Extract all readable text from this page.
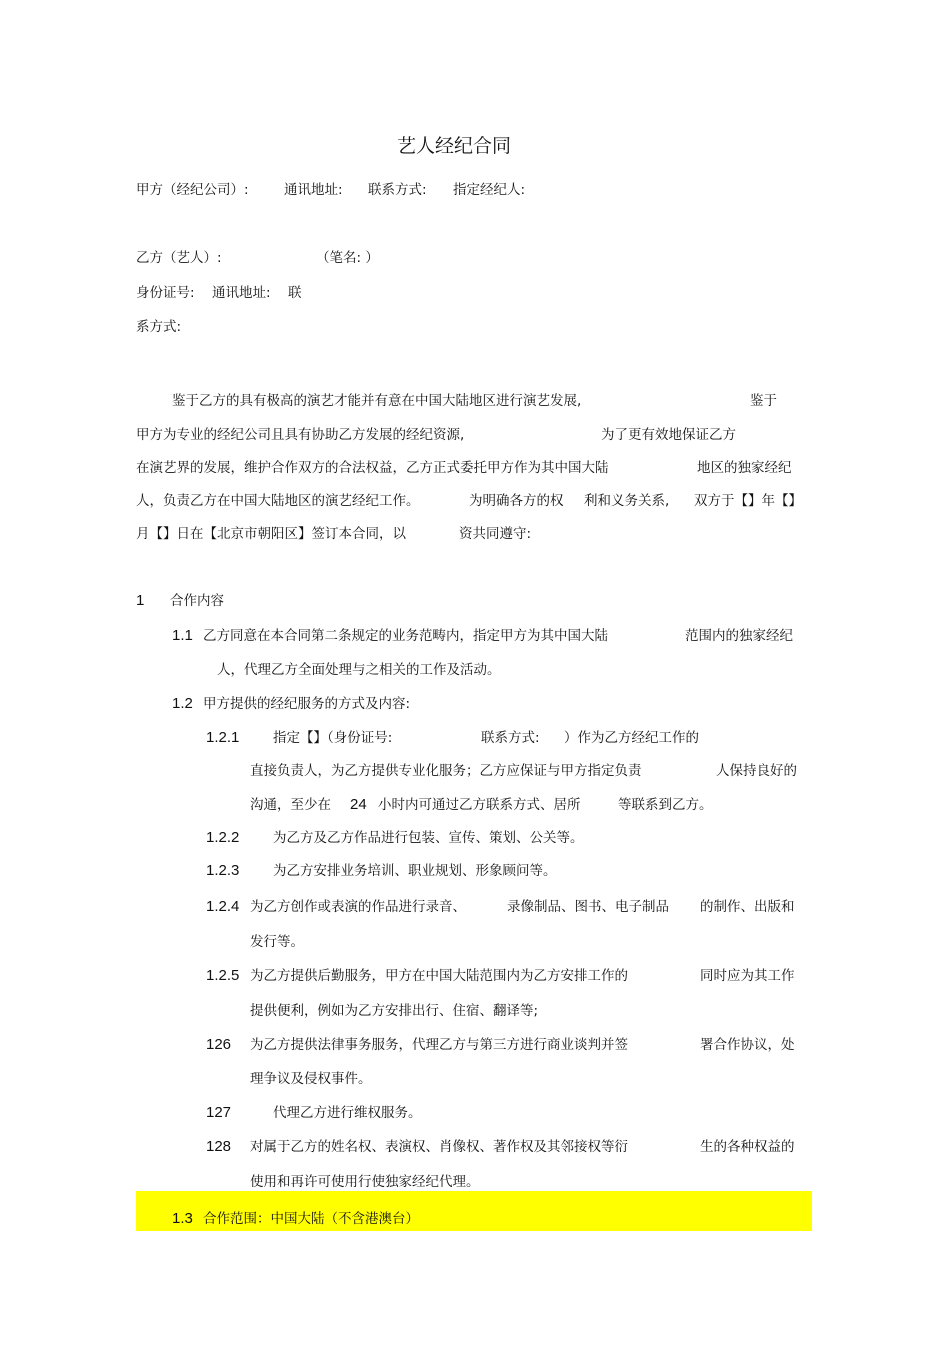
艺人经纪合同
甲方（经纪公司）:	通讯地址: 联系方式: 指定经纪人:
乙方（艺人）:	（笔名: ）
身份证号: 通讯地址: 联
系方式:
鉴于乙方的具有极高的演艺才能并有意在中国大陆地区进行演艺发展,	鉴于
甲方为专业的经纪公司且具有协助乙方发展的经纪资源,	为了更有效地保证乙方
在演艺界的发展，维护合作双方的合法权益，乙方正式委托甲方作为其中国大陆	地区的独家经纪
人，负责乙方在中国大陆地区的演艺经纪工作。	为明确各方的权 利和义务关系, 双方于【】年【】
月【】日在【北京市朝阳区】签订本合同，以	资共同遵守:
1 合作内容
1.1 乙方同意在本合同第二条规定的业务范畴内，指定甲方为其中国大陆	范围内的独家经纪
人，代理乙方全面处理与之相关的工作及活动。
1.2 甲方提供的经纪服务的方式及内容:
1.2.1 指定【】（身份证号:	联系方式: ）作为乙方经纪工作的
直接负责人，为乙方提供专业化服务；乙方应保证与甲方指定负责	人保持良好的
沟通，至少在 24 小时内可通过乙方联系方式、居所	等联系到乙方。
1.2.2 为乙方及乙方作品进行包装、宣传、策划、公关等。
1.2.3 为乙方安排业务培训、职业规划、形象顾问等。
1.2.4 为乙方创作或表演的作品进行录音、	录像制品、图书、电子制品 的制作、出版和
发行等。
1.2.5 为乙方提供后勤服务，甲方在中国大陆范围内为乙方安排工作的	同时应为其工作
提供便利，例如为乙方安排出行、住宿、翻译等;
126 为乙方提供法律事务服务，代理乙方与第三方进行商业谈判并签	署合作协议，处
理争议及侵权事件。
127	代理乙方进行维权服务。
128 对属于乙方的姓名权、表演权、肖像权、著作权及其邻接权等衍	生的各种权益的
使用和再许可使用行使独家经纪代理。
1.3 合作范围：中国大陆（不含港澳台）
